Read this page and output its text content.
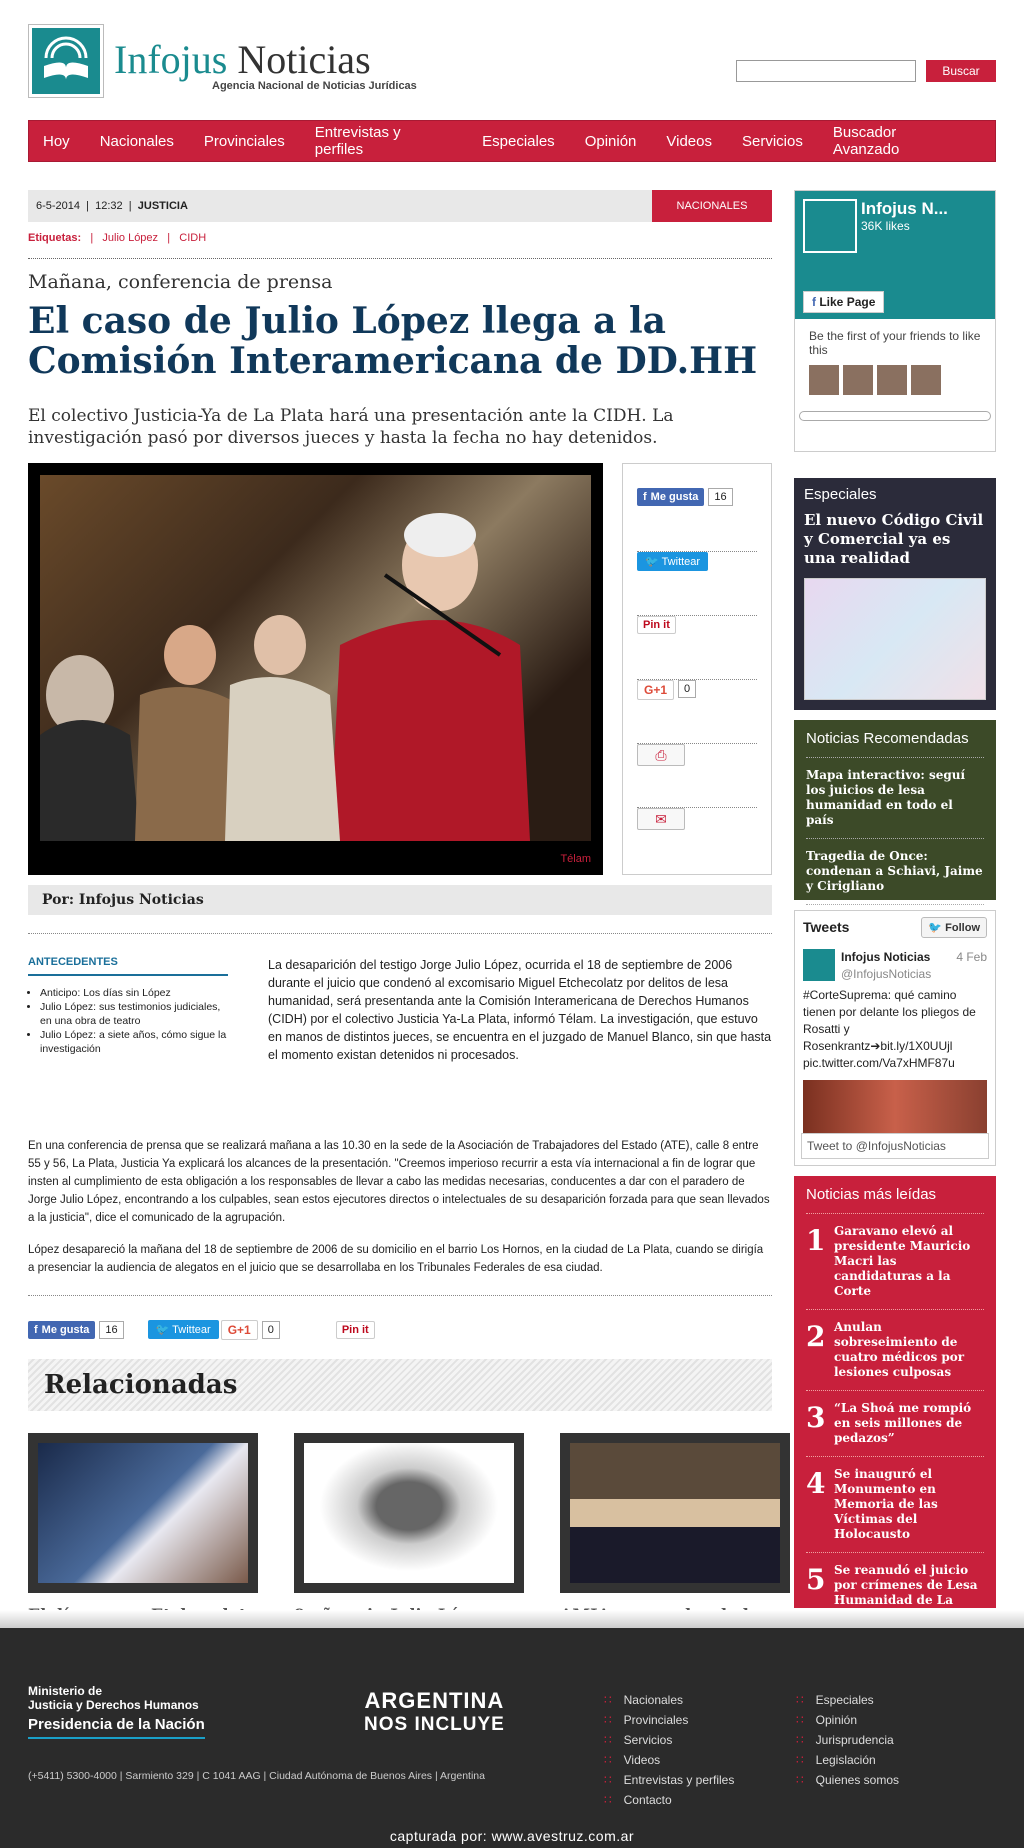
Infojus Noticias
Agencia Nacional de Noticias Jurídicas
Buscar
Hoy Nacionales Provinciales Entrevistas y perfiles	Especiales Opinión Videos Servicios Buscador Avanzado
6-5-2014 | 12:32 | JUSTICIA	NACIONALES
Etiquetas:   |   Julio López   |   CIDH
Mañana, conferencia de prensa
El caso de Julio López llega a la Comisión Interamericana de DD.HH

El colectivo Justicia-Ya de La Plata hará una presentación ante la CIDH. La investigación pasó por diversos jueces y hasta la fecha no hay detenidos.

Télam
f Me gusta	16
🐦 Twittear
Pin it
G+1	0
⎙
✉
Por: Infojus Noticias
ANTECEDENTES
• Anticipo: Los días sin López
• Julio López: sus testimonios judiciales, en una obra de teatro
• Julio López: a siete años, cómo sigue la investigación

La desaparición del testigo Jorge Julio López, ocurrida el 18 de septiembre de 2006 durante el juicio que condenó al excomisario Miguel Etchecolatz por delitos de lesa humanidad, será presentanda ante la Comisión Interamericana de Derechos Humanos (CIDH) por el colectivo Justicia Ya-La Plata, informó Télam. La investigación, que estuvo en manos de distintos jueces, se encuentra en el juzgado de Manuel Blanco, sin que hasta el momento existan detenidos ni procesados.

En una conferencia de prensa que se realizará mañana a las 10.30 en la sede de la Asociación de Trabajadores del Estado (ATE), calle 8 entre 55 y 56, La Plata, Justicia Ya explicará los alcances de la presentación. "Creemos imperioso recurrir a esta vía internacional a fin de lograr que insten al cumplimiento de esta obligación a los responsables de llevar a cabo las medidas necesarias, conducentes a dar con el paradero de Jorge Julio López, encontrando a los culpables, sean estos ejecutores directos o intelectuales de su desaparición forzada para que sean llevados a la justicia", dice el comunicado de la agrupación.

López desapareció la mañana del 18 de septiembre de 2006 de su domicilio en el barrio Los Hornos, en la ciudad de La Plata, cuando se dirigía a presenciar la audiencia de alegatos en el juicio que se desarrollaba en los Tribunales Federales de esa ciudad.

f Me gusta	16	🐦 Twittear	G+1	0	Pin it
Relacionadas
Infojus N...
36K likes
f Like Page
Be the first of your friends to like this
Especiales
El nuevo Código Civil y Comercial ya es una realidad
Noticias Recomendadas
Mapa interactivo: seguí los juicios de lesa humanidad en todo el país
Tragedia de Once: condenan a Schiavi, Jaime y Cirigliano
Tweets	🐦 Follow
Infojus Noticias 4 Feb
@InfojusNoticias
#CorteSuprema: qué camino tienen por delante los pliegos de Rosatti y Rosenkrantz➔bit.ly/1X0UUjl pic.twitter.com/Va7xHMF87u
Tweet to @InfojusNoticias
Noticias más leídas
1 Garavano elevó al presidente Mauricio Macri las candidaturas a la Corte
2 Anulan sobreseimiento de cuatro médicos por lesiones culposas
3 “La Shoá me rompió en seis millones de pedazos”
4 Se inauguró el Monumento en Memoria de las Víctimas del Holocausto
5 Se reanudó el juicio por crímenes de Lesa Humanidad de La
Ministerio de
Justicia y Derechos Humanos
Presidencia de la Nación
(+5411) 5300-4000 | Sarmiento 329 | C 1041 AAG | Ciudad Autónoma de Buenos Aires | Argentina
ARGENTINA
NOS INCLUYE
∷ Nacionales
∷ Provinciales
∷ Servicios
∷ Videos
∷ Entrevistas y perfiles
∷ Contacto
∷ Especiales
∷ Opinión
∷ Jurisprudencia
∷ Legislación
∷ Quienes somos
capturada por: www.avestruz.com.ar
